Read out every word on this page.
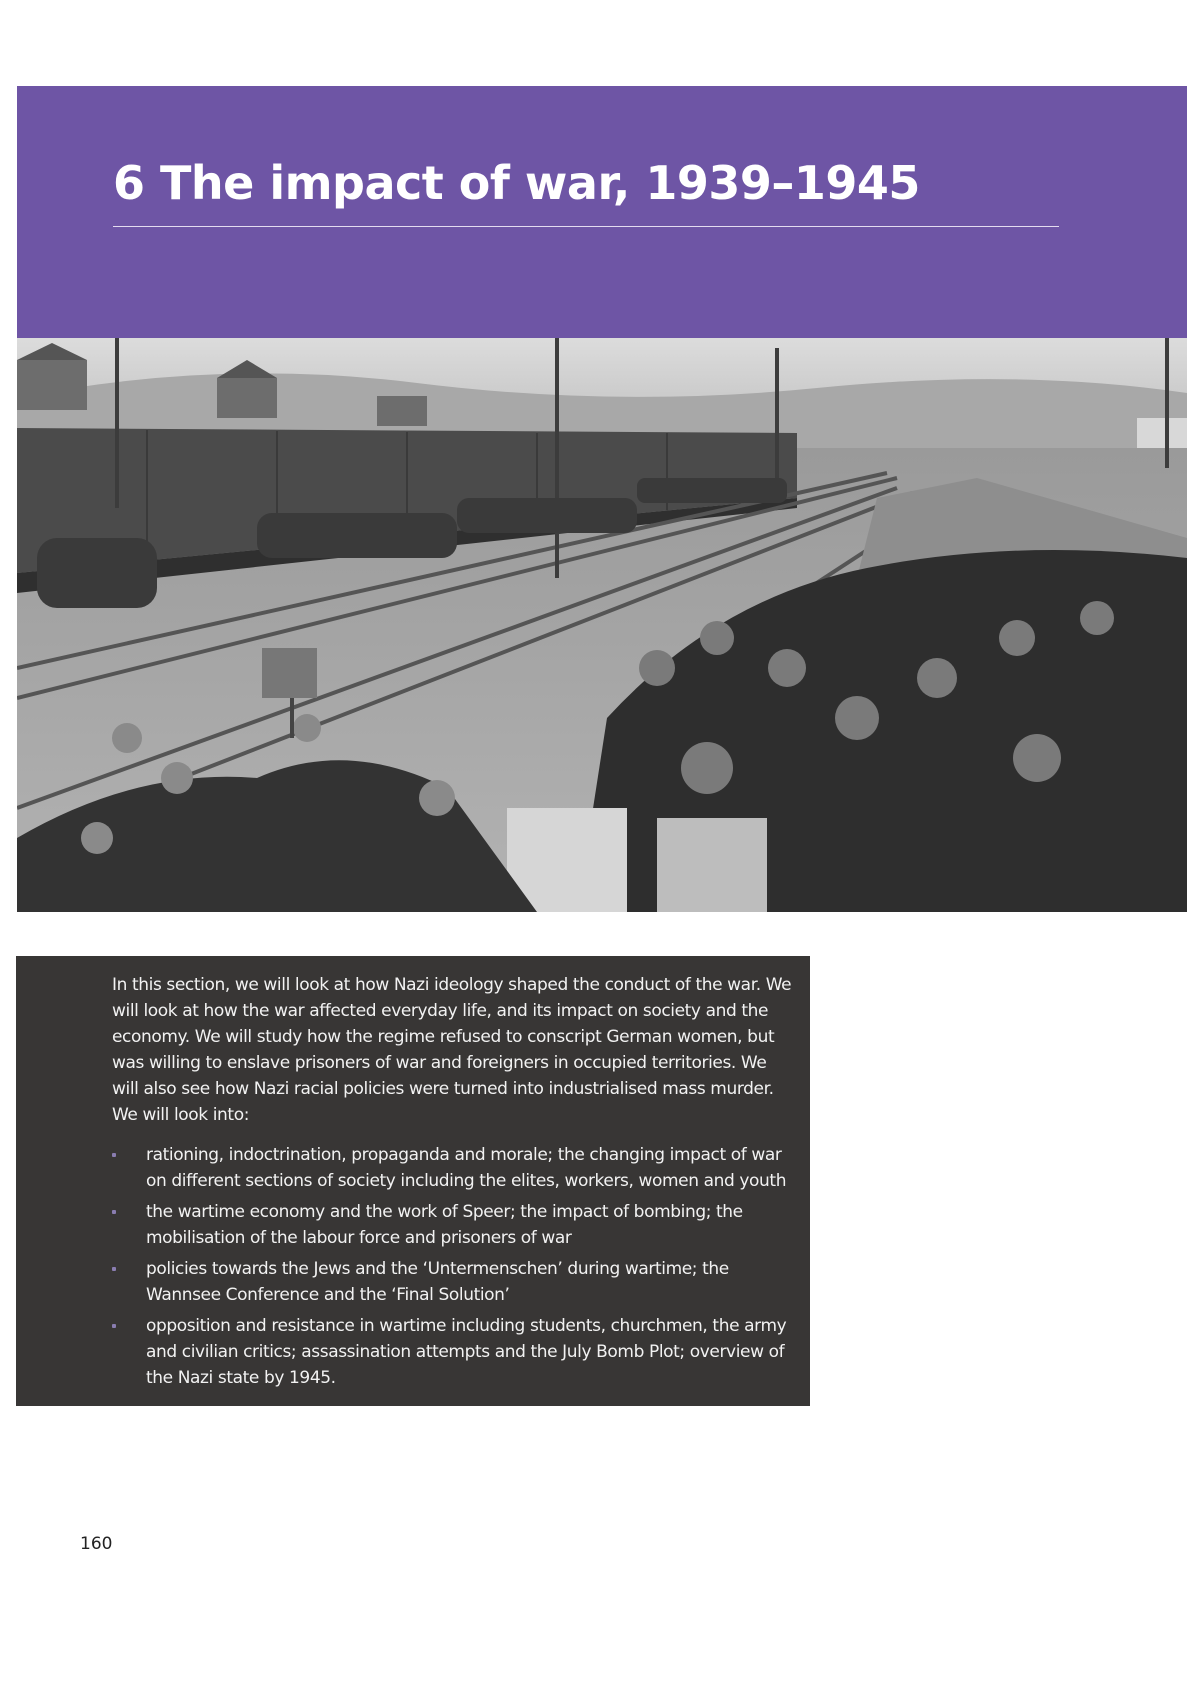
6 The impact of war, 1939–1945

In this section, we will look at how Nazi ideology shaped the conduct of the war. We will look at how the war affected everyday life, and its impact on society and the economy. We will study how the regime refused to conscript German women, but was willing to enslave prisoners of war and foreigners in occupied territories. We will also see how Nazi racial policies were turned into industrialised mass murder. We will look into:

rationing, indoctrination, propaganda and morale; the changing impact of war on different sections of society including the elites, workers, women and youth
the wartime economy and the work of Speer; the impact of bombing; the mobilisation of the labour force and prisoners of war
policies towards the Jews and the ‘Untermenschen’ during wartime; the Wannsee Conference and the ‘Final Solution’
opposition and resistance in wartime including students, churchmen, the army and civilian critics; assassination attempts and the July Bomb Plot; overview of the Nazi state by 1945.
160
